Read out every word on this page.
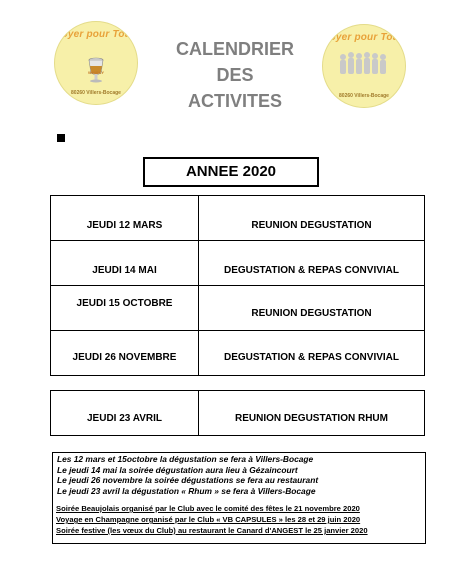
Foyer pour Tous
WHISKY
80260 Villers-Bocage
Foyer pour Tous
80260 Villers-Bocage
CALENDRIER
DES
ACTIVITES
ANNEE 2020
JEUDI 12 MARS	REUNION DEGUSTATION

JEUDI 14 MAI	DEGUSTATION & REPAS CONVIVIAL

JEUDI 15 OCTOBRE	REUNION DEGUSTATION

JEUDI 26 NOVEMBRE	DEGUSTATION & REPAS CONVIVIAL
JEUDI 23 AVRIL	REUNION DEGUSTATION RHUM
Les 12 mars et 15octobre la dégustation se fera à Villers-Bocage
Le jeudi 14 mai la soirée dégustation aura lieu à Gézaincourt
Le jeudi 26 novembre la soirée dégustations se fera au restaurant
Le jeudi 23 avril la dégustation « Rhum » se fera à Villers-Bocage
Soirée Beaujolais organisé par le Club avec le comité des fêtes le 21 novembre 2020
Voyage en Champagne organisé par le Club « VB CAPSULES » les 28 et 29 juin 2020
Soirée festive (les vœux du Club) au restaurant le Canard d'ANGEST le 25 janvier 2020
